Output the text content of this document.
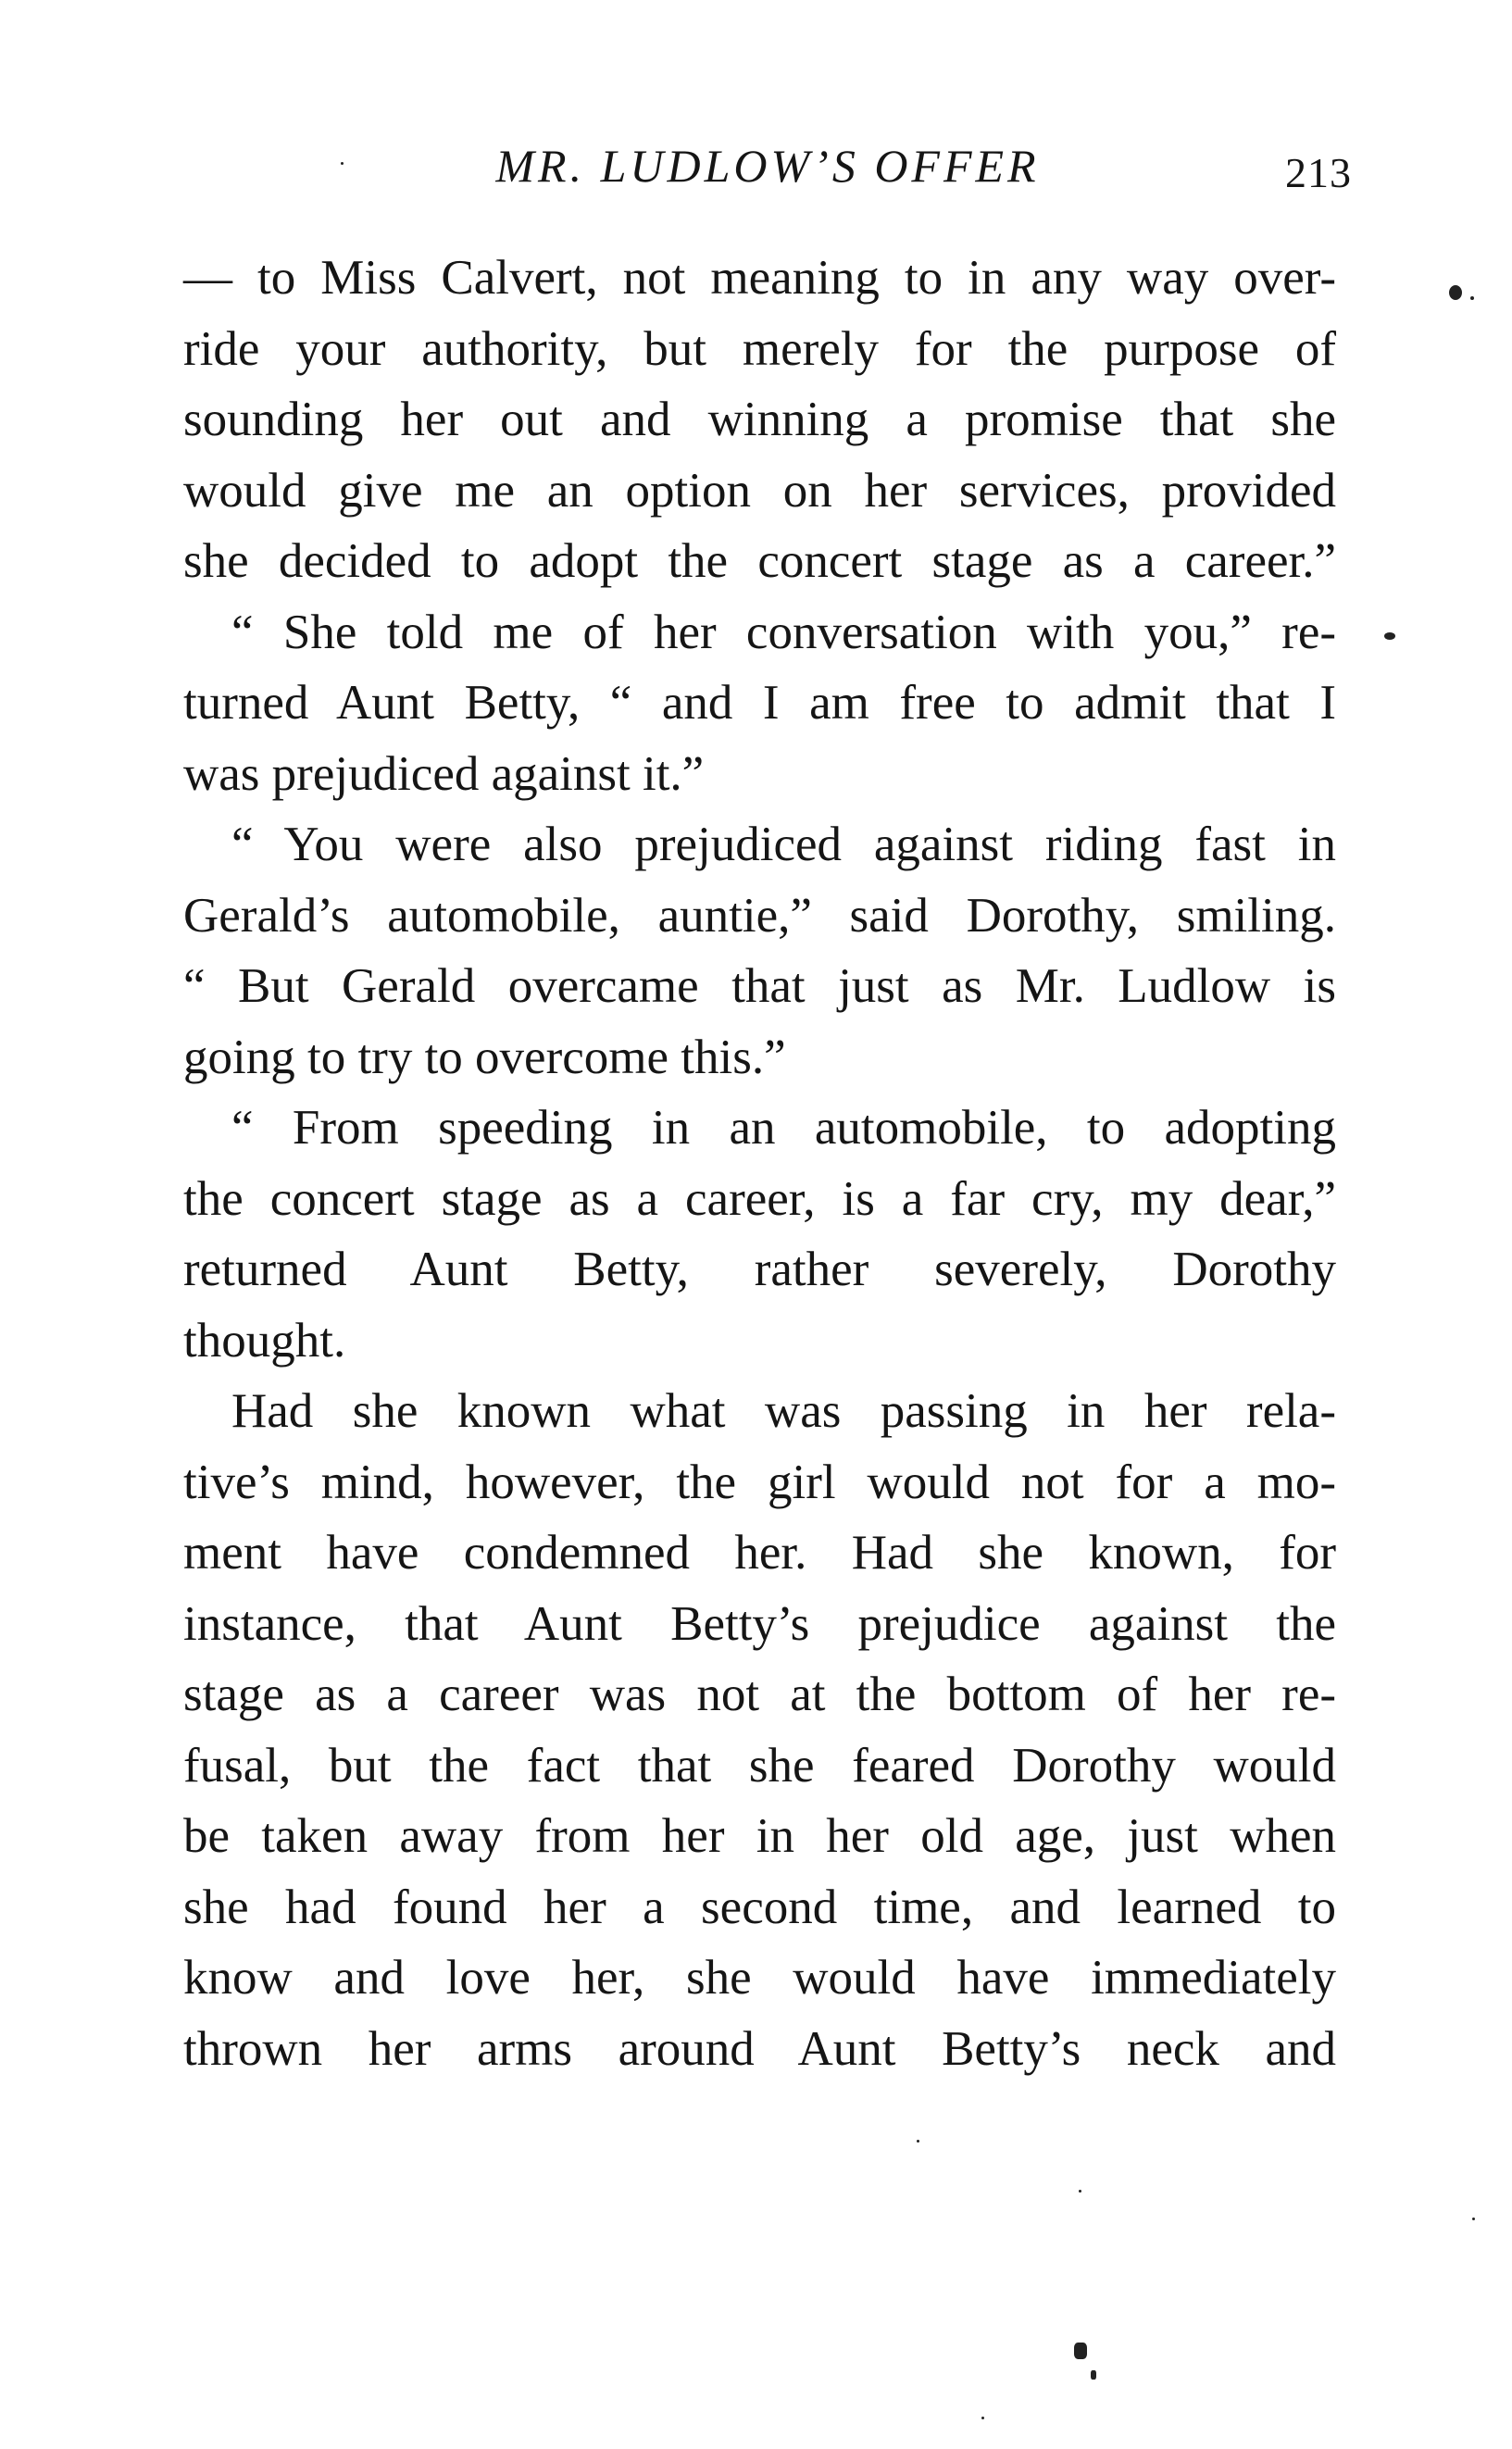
MR. LUDLOW’S OFFER	213
— to Miss Calvert, not meaning to in any way over-
ride your authority, but merely for the purpose of
sounding her out and winning a promise that she
would give me an option on her services, provided
she decided to adopt the concert stage as a career.”
“ She told me of her conversation with you,” re-
turned Aunt Betty, “ and I am free to admit that I
was prejudiced against it.”
“ You were also prejudiced against riding fast in
Gerald’s automobile, auntie,” said Dorothy, smiling.
“ But Gerald overcame that just as Mr. Ludlow is
going to try to overcome this.”
“ From speeding in an automobile, to adopting
the concert stage as a career, is a far cry, my dear,”
returned Aunt Betty, rather severely, Dorothy
thought.
Had she known what was passing in her rela-
tive’s mind, however, the girl would not for a mo-
ment have condemned her. Had she known, for
instance, that Aunt Betty’s prejudice against the
stage as a career was not at the bottom of her re-
fusal, but the fact that she feared Dorothy would
be taken away from her in her old age, just when
she had found her a second time, and learned to
know and love her, she would have immediately
thrown her arms around Aunt Betty’s neck and
